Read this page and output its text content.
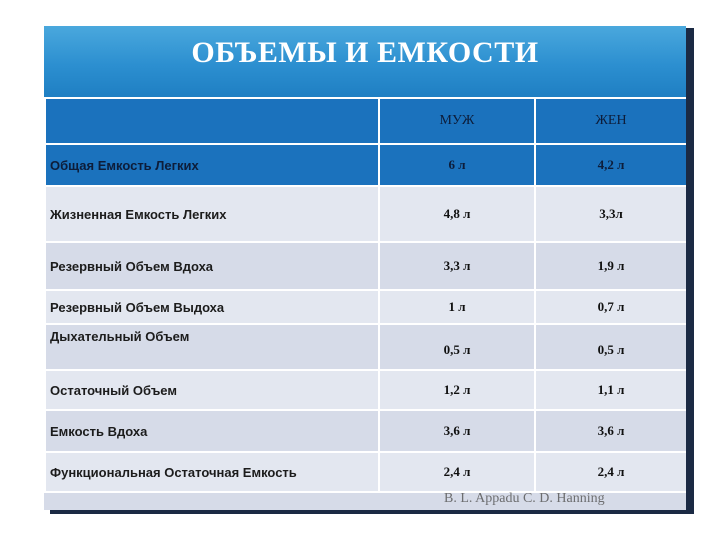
ОБЪЕМЫ И ЕМКОСТИ
	МУЖ	ЖЕН
Общая Емкость Легких	6 л	4,2 л
Жизненная Емкость Легких	4,8 л	3,3л
Резервный Объем Вдоха	3,3 л	1,9 л
Резервный Объем Выдоха	1 л	0,7 л
Дыхательный Объем	0,5 л	0,5 л
Остаточный Объем	1,2 л	1,1 л
Емкость Вдоха	3,6 л	3,6 л
Функциональная Остаточная Емкость	2,4 л	2,4 л
B. L. Appadu C. D. Hanning
